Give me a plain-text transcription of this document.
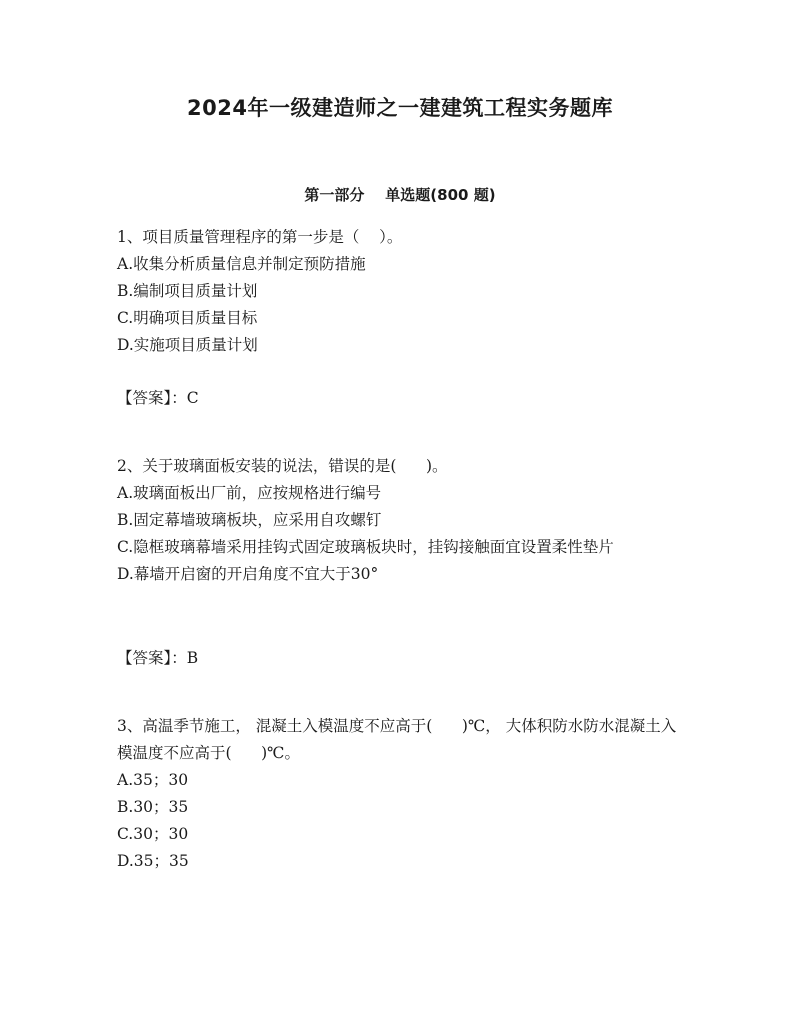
2024年一级建造师之一建建筑工程实务题库
第一部分    单选题(800 题)
1、项目质量管理程序的第一步是（    ）。
A.收集分析质量信息并制定预防措施
B.编制项目质量计划
C.明确项目质量目标
D.实施项目质量计划
【答案】：C
2、关于玻璃面板安装的说法，错误的是(      )。
A.玻璃面板出厂前，应按规格进行编号
B.固定幕墙玻璃板块，应采用自攻螺钉
C.隐框玻璃幕墙采用挂钩式固定玻璃板块时，挂钩接触面宜设置柔性垫片
D.幕墙开启窗的开启角度不宜大于30°
【答案】：B
3、高温季节施工， 混凝土入模温度不应高于(      )℃， 大体积防水防水混凝土入模温度不应高于(      )℃。
A.35；30
B.30；35
C.30；30
D.35；35
